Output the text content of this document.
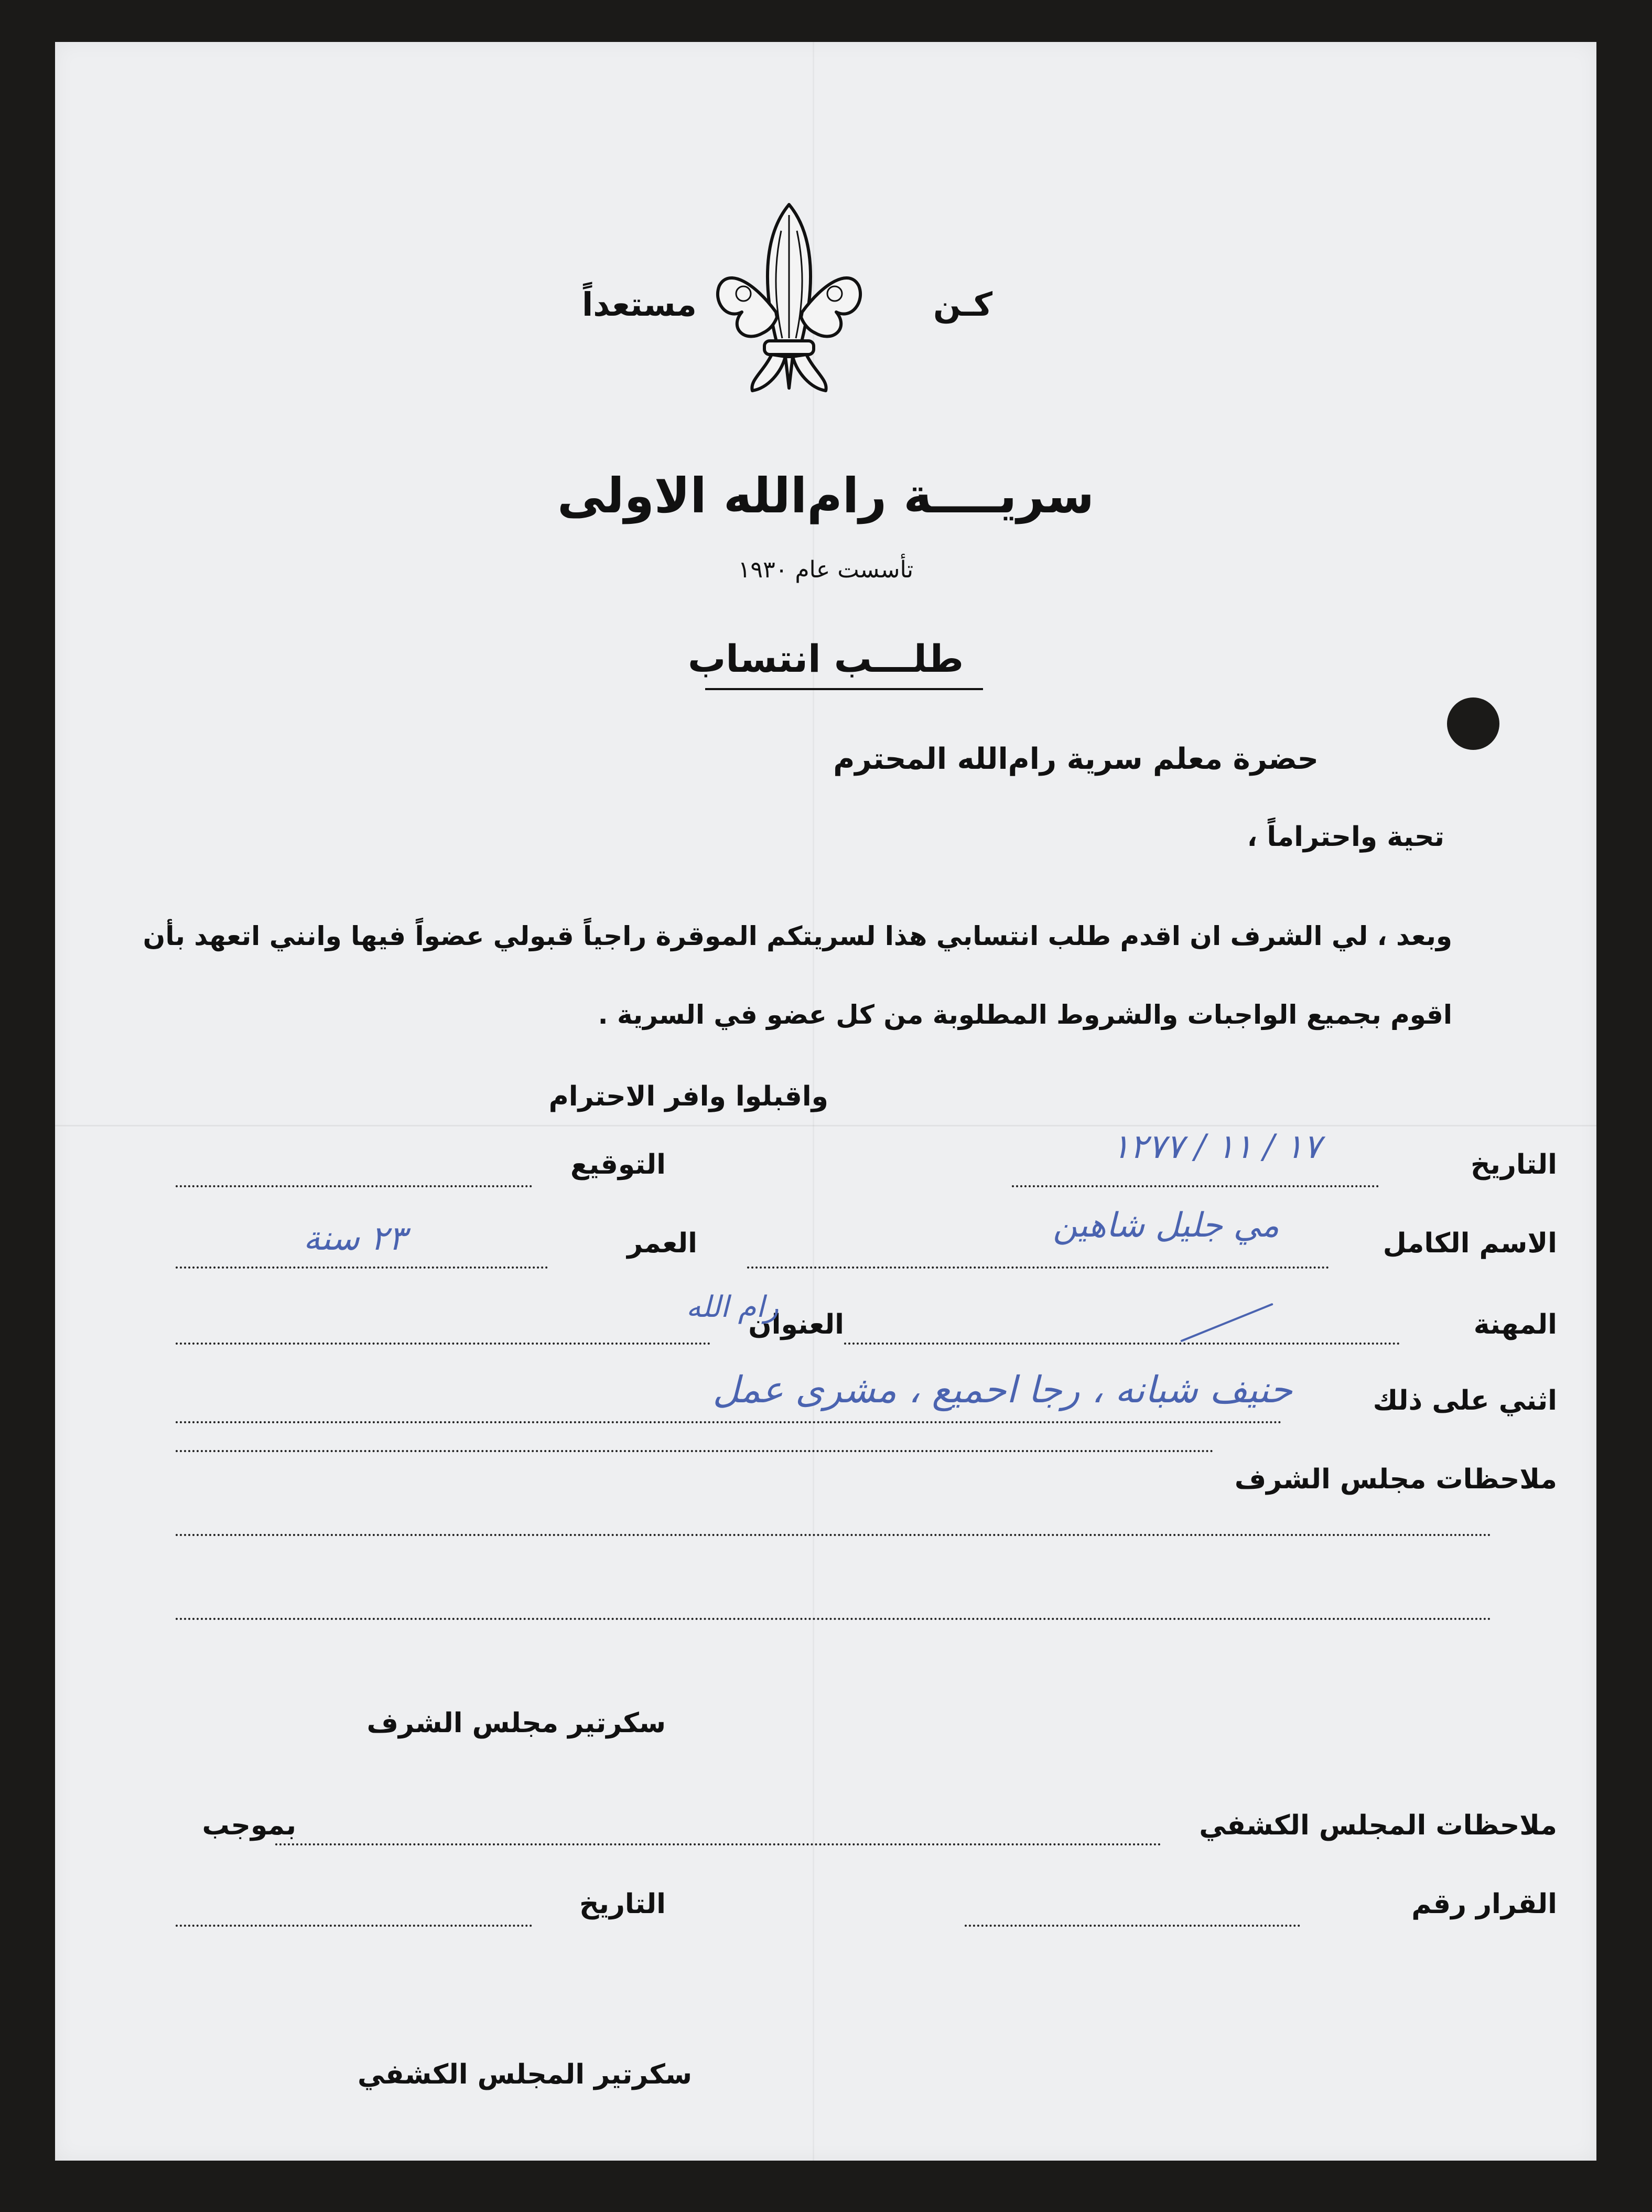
كـن
مستعداً
سريــــة رام‌الله الاولى
تأسست عام ١٩٣٠
طلـــب انتساب
حضرة معلم سرية رام‌الله المحترم
تحية واحتراماً ،
وبعد ، لي الشرف ان اقدم طلب انتسابي هذا لسريتكم الموقرة راجياً قبولي عضواً فيها وانني اتعهد بأن
اقوم بجميع الواجبات والشروط المطلوبة من كل عضو في السرية .
واقبلوا وافر الاحترام
التاريخ
١٧ / ١١ / ١٢٧٧
التوقيع
الاسم الكامل
مي جليل شاهين
العمر
٢٣ سنة
المهنة
العنوان
رام الله
اثني على ذلك
حنيف شبانه ، رجا احميع ، مشرى عمل
ملاحظات مجلس الشرف
سكرتير مجلس الشرف
ملاحظات المجلس الكشفي
بموجب
القرار رقم
التاريخ
سكرتير المجلس الكشفي
